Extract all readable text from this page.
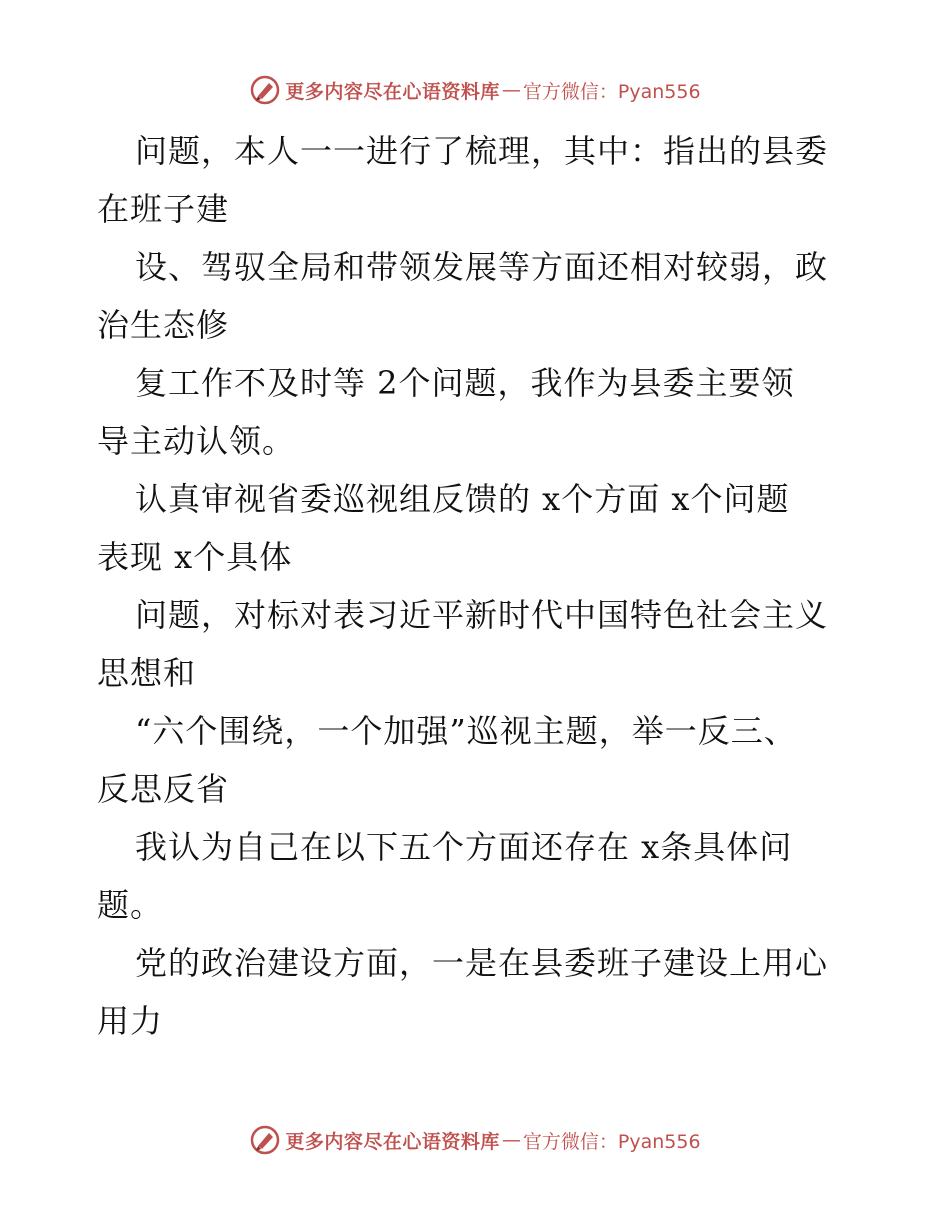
更多内容尽在心语资料库 — 官方微信：Pyan556

问题，本人一一进行了梳理，其中：指出的县委
在班子建

设、驾驭全局和带领发展等方面还相对较弱，政
治生态修

复工作不及时等 2个问题，我作为县委主要领
导主动认领。

认真审视省委巡视组反馈的 x个方面 x个问题
表现 x个具体

问题，对标对表习近平新时代中国特色社会主义
思想和

“六个围绕，一个加强”巡视主题，举一反三、
反思反省

我认为自己在以下五个方面还存在 x条具体问
题。

党的政治建设方面，一是在县委班子建设上用心
用力

更多内容尽在心语资料库 — 官方微信：Pyan556
